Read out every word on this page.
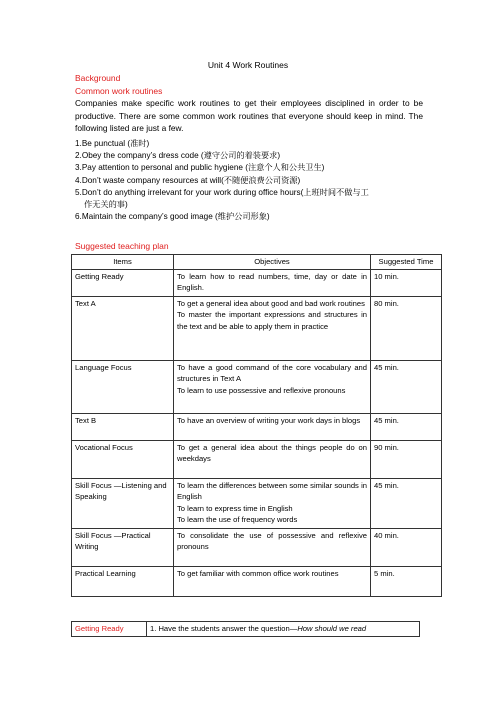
Unit 4 Work Routines
Background
Common work routines
Companies make specific work routines to get their employees disciplined in order to be productive. There are some common work routines that everyone should keep in mind. The following listed are just a few.
1.Be punctual (准时)
2.Obey the company’s dress code (遵守公司的着装要求)
3.Pay attention to personal and public hygiene (注意个人和公共卫生)
4.Don’t waste company resources at will(不随便浪费公司资源)
5.Don’t do anything irrelevant for your work during office hours(上班时间不做与工
作无关的事)
6.Maintain the company’s good image (维护公司形象)
Suggested teaching plan
Items	Objectives	Suggested Time
Getting Ready	To learn how to read numbers, time, day or date in English.	10 min.
Text A	To get a general idea about good and bad work routines
To master the important expressions and structures in the text and be able to apply them in practice	80 min.
Language Focus	To have a good command of the core vocabulary and structures in Text A
To learn to use possessive and reflexive pronouns	45 min.
Text B	To have an overview of writing your work days in blogs	45 min.
Vocational Focus	To get a general idea about the things people do on weekdays	90 min.
Skill Focus —Listening and Speaking	To learn the differences between some similar sounds in English
To learn to express time in English
To learn the use of frequency words	45 min.
Skill Focus —Practical Writing	To consolidate the use of possessive and reflexive pronouns	40 min.
Practical Learning	To get familiar with common office work routines	5 min.
Getting Ready	1. Have the students answer the question—How should we read
